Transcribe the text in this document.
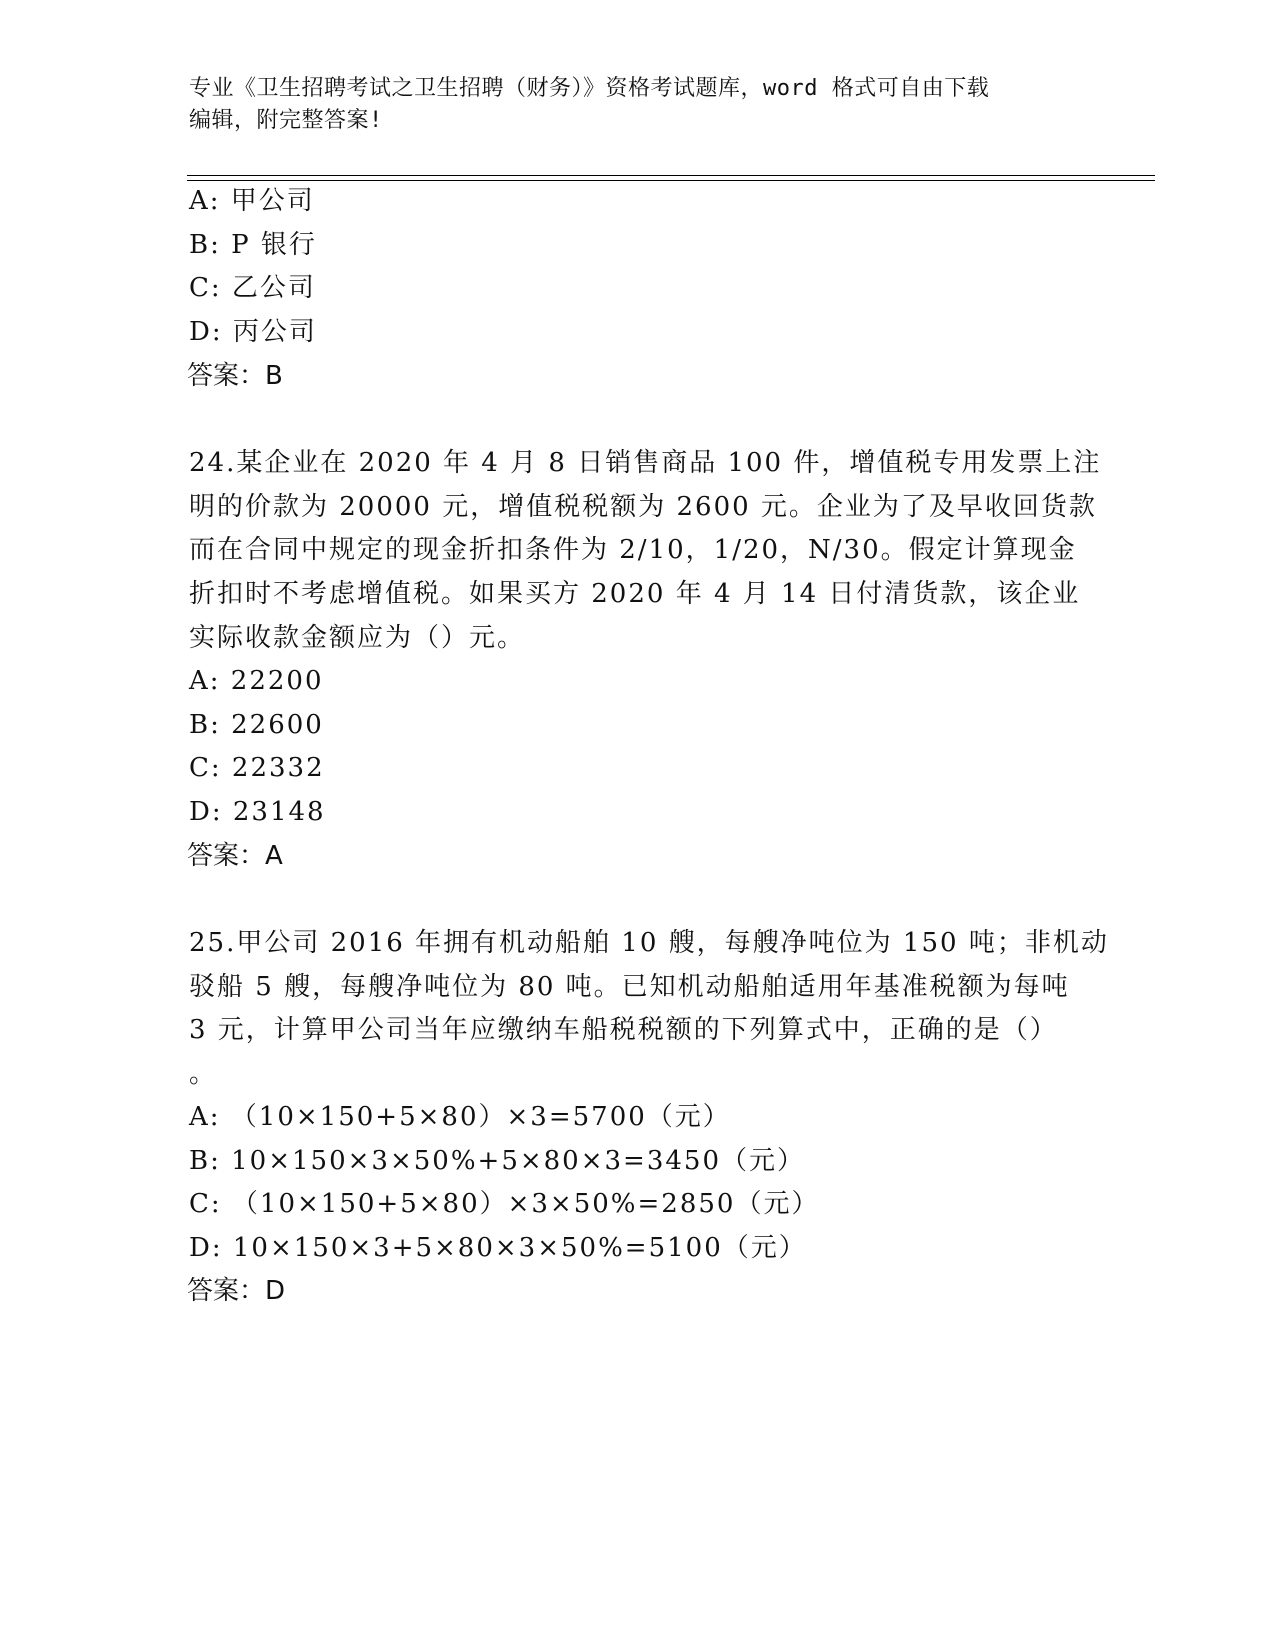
专业《卫生招聘考试之卫生招聘（财务）》资格考试题库，word 格式可自由下载
编辑，附完整答案!
A: 甲公司
B: P 银行
C: 乙公司
D: 丙公司
答案：B
24.某企业在 2020 年 4 月 8 日销售商品 100 件，增值税专用发票上注
明的价款为 20000 元，增值税税额为 2600 元。企业为了及早收回货款
而在合同中规定的现金折扣条件为 2/10，1/20，N/30。假定计算现金
折扣时不考虑增值税。如果买方 2020 年 4 月 14 日付清货款，该企业
实际收款金额应为（）元。
A: 22200
B: 22600
C: 22332
D: 23148
答案：A
25.甲公司 2016 年拥有机动船舶 10 艘，每艘净吨位为 150 吨；非机动
驳船 5 艘，每艘净吨位为 80 吨。已知机动船舶适用年基准税额为每吨
3 元，计算甲公司当年应缴纳车船税税额的下列算式中，正确的是（）
。
A: （10×150+5×80）×3=5700（元）
B: 10×150×3×50%+5×80×3=3450（元）
C: （10×150+5×80）×3×50%=2850（元）
D: 10×150×3+5×80×3×50%=5100（元）
答案：D
